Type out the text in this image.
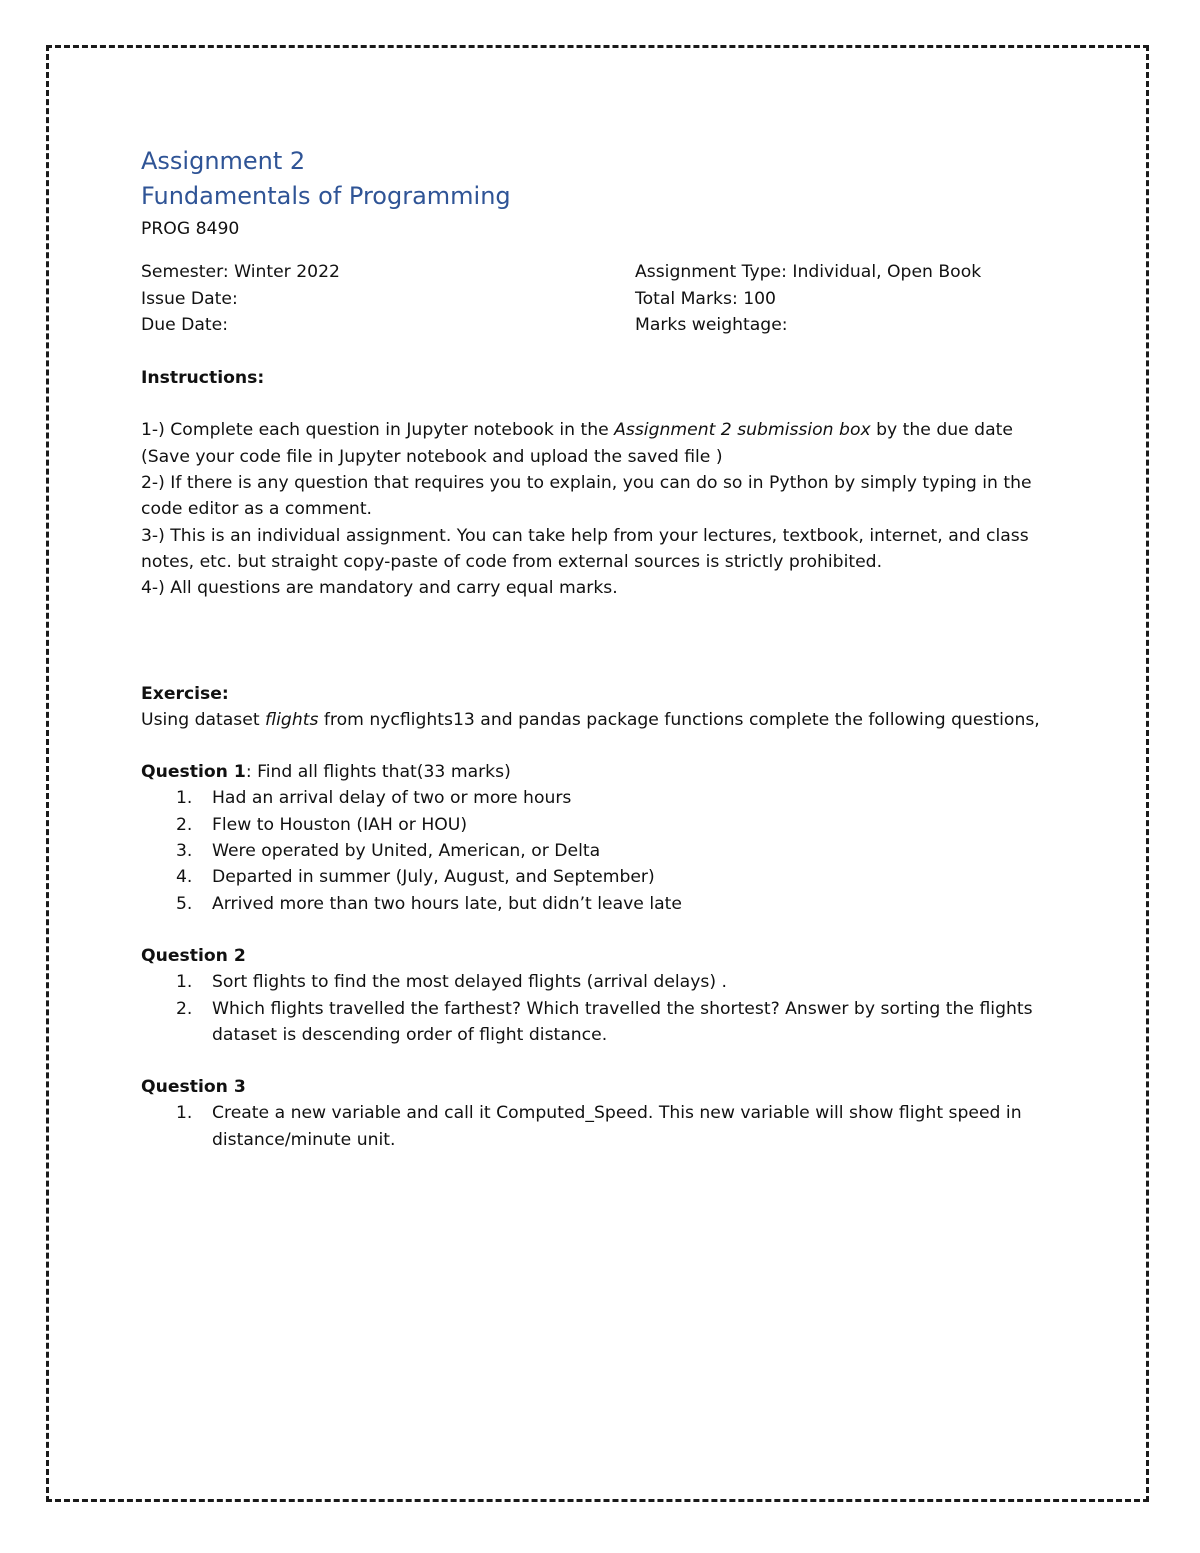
Assignment 2
Fundamentals of Programming
PROG 8490
Semester: Winter 2022
Issue Date:
Due Date:
Assignment Type: Individual, Open Book
Total Marks: 100
Marks weightage:
Instructions:
1-) Complete each question in Jupyter notebook in the Assignment 2 submission box by the due date (Save your code file in Jupyter notebook and upload the saved file )
2-) If there is any question that requires you to explain, you can do so in Python by simply typing in the code editor as a comment.
3-) This is an individual assignment. You can take help from your lectures, textbook, internet, and class notes, etc. but straight copy-paste of code from external sources is strictly prohibited.
4-) All questions are mandatory and carry equal marks.
Exercise:
Using dataset flights from nycflights13 and pandas package functions complete the following questions,
Question 1: Find all flights that(33 marks)
1. Had an arrival delay of two or more hours
2. Flew to Houston (IAH or HOU)
3. Were operated by United, American, or Delta
4. Departed in summer (July, August, and September)
5. Arrived more than two hours late, but didn’t leave late
Question 2
1. Sort flights to find the most delayed flights (arrival delays) .
2. Which flights travelled the farthest? Which travelled the shortest? Answer by sorting the flights dataset is descending order of flight distance.
Question 3
1. Create a new variable and call it Computed_Speed. This new variable will show flight speed in distance/minute unit.
